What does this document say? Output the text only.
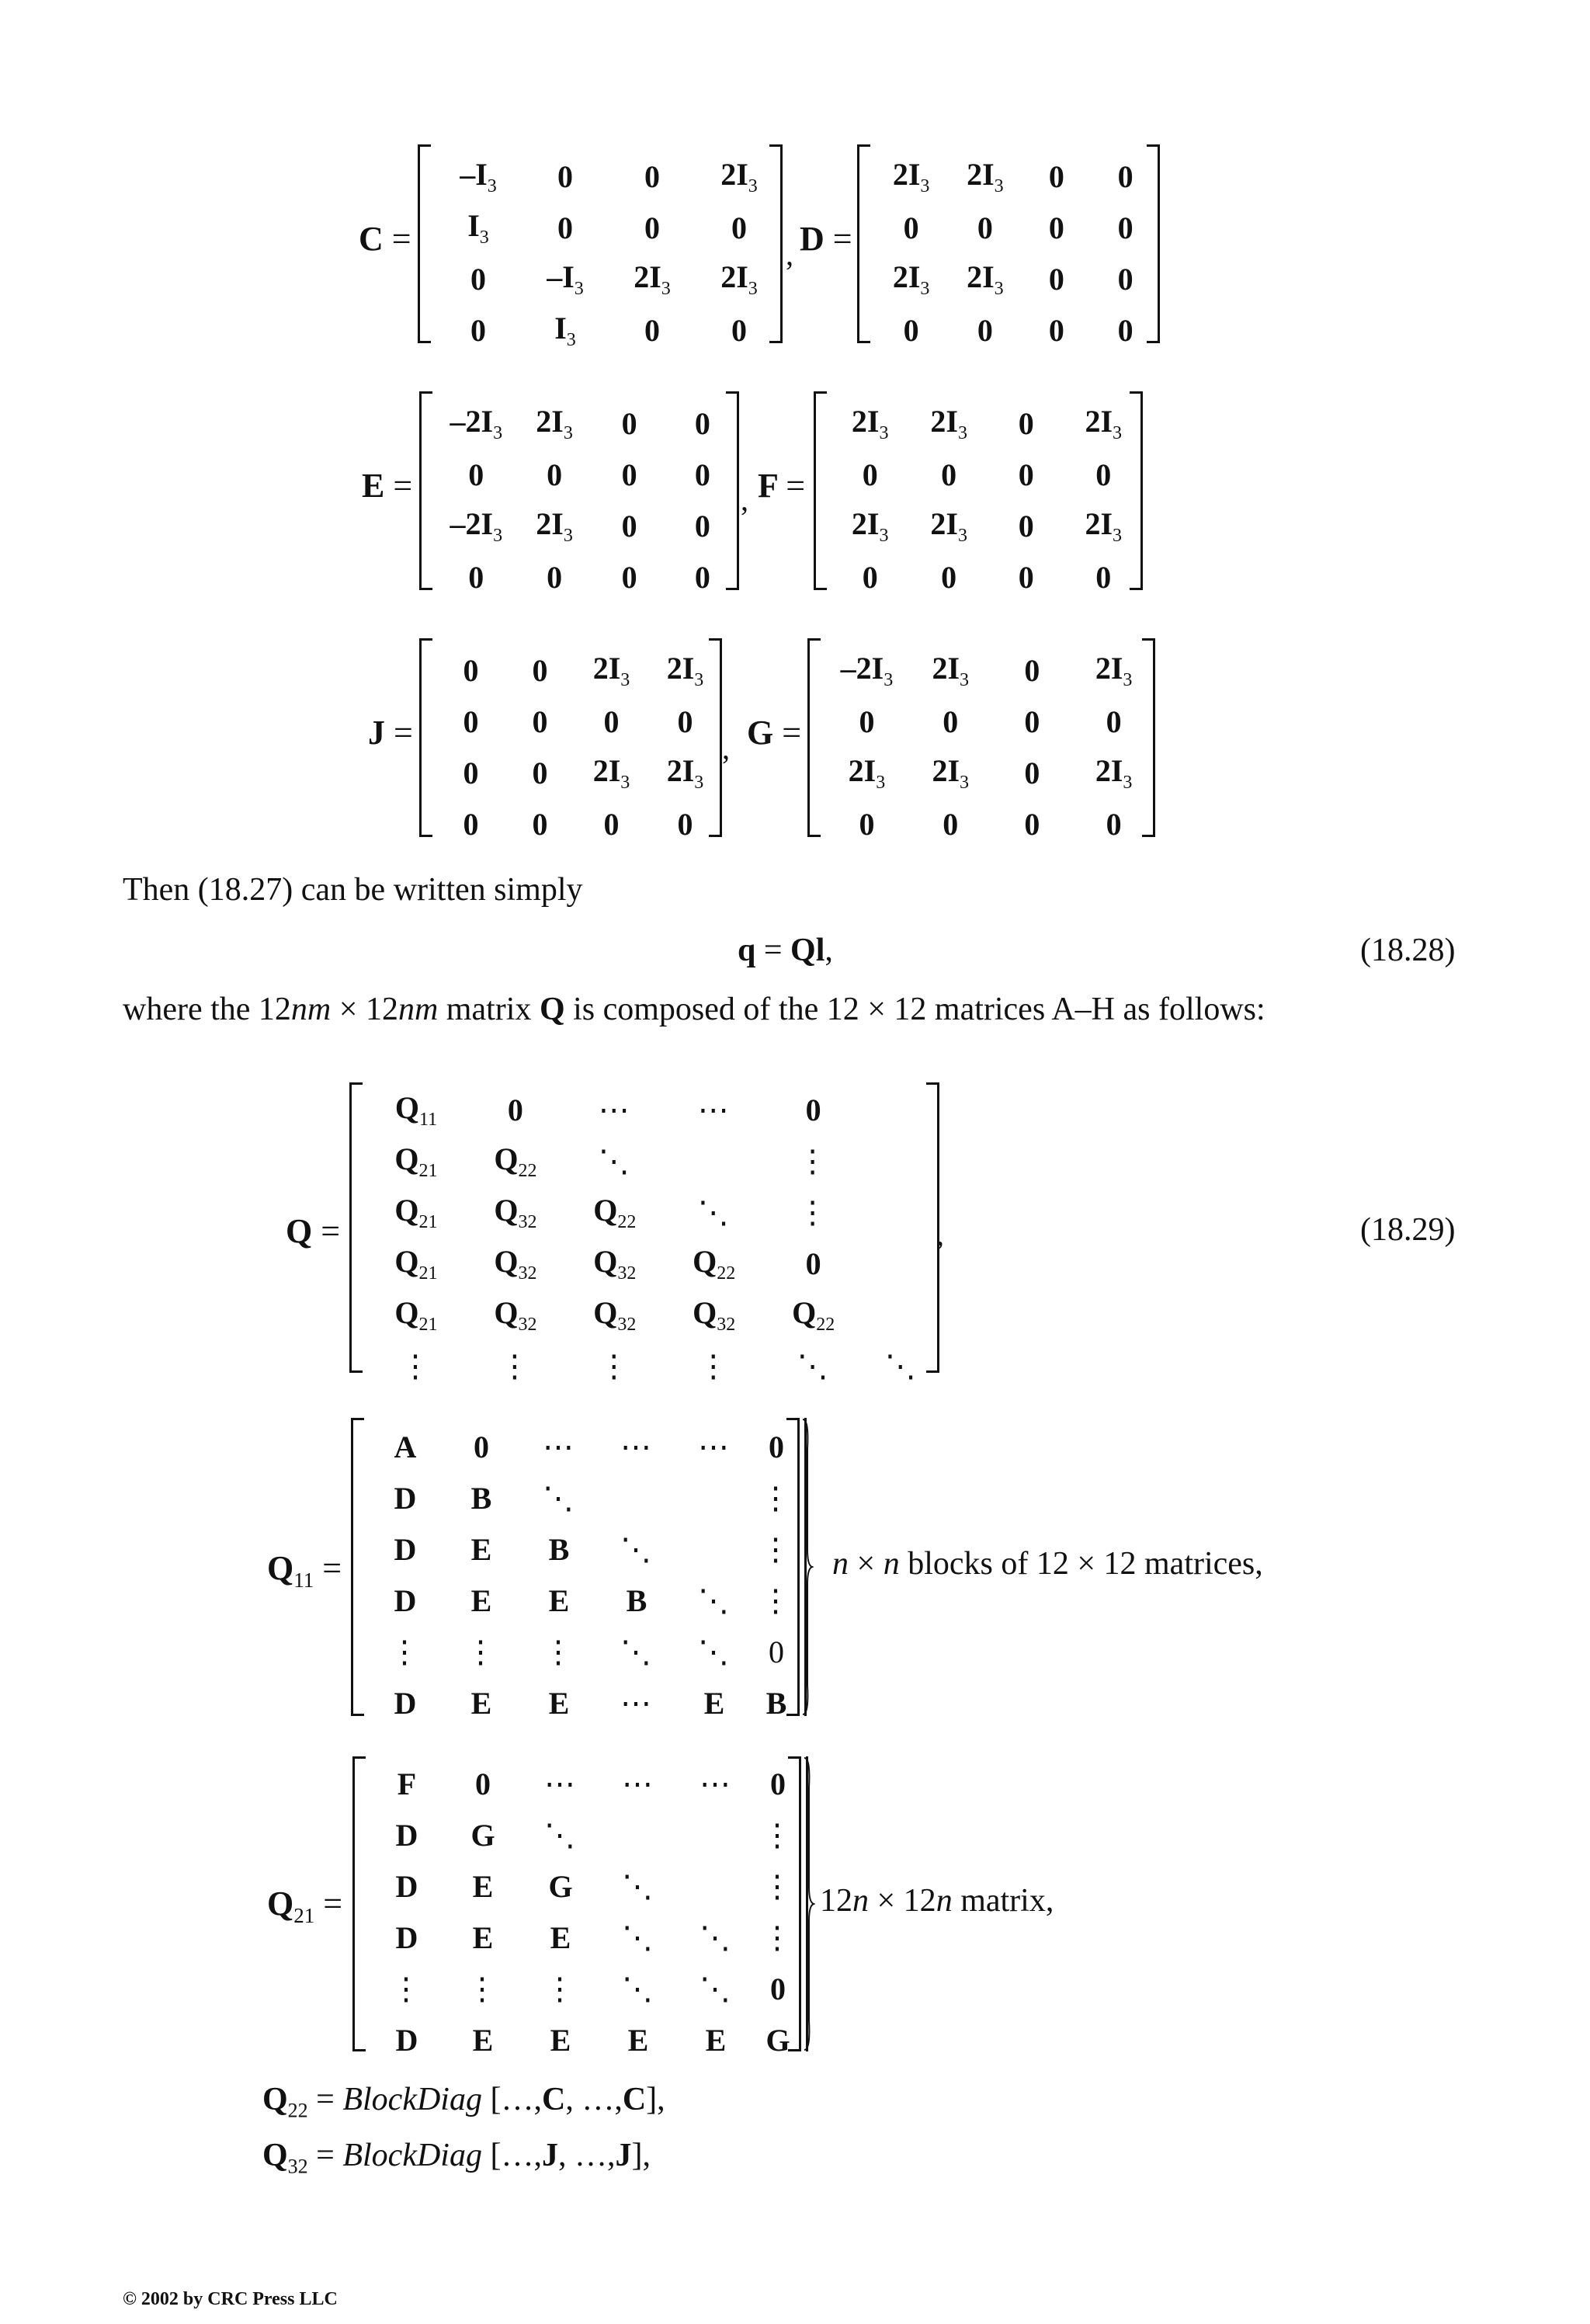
C =
$-I_3$	0	0	$2I_3$
$I_3$	0	0	0
0	$-I_3$	$2I_3$	$2I_3$
0	$I_3$	0	0
, D =
$2I_3$	$2I_3$	0	0
0	0	0	0
$2I_3$	$2I_3$	0	0
0	0	0	0
E =
$-2I_3$	$2I_3$	0	0
0	0	0	0
$-2I_3$	$2I_3$	0	0
0	0	0	0
, F =
$2I_3$	$2I_3$	0	$2I_3$
0	0	0	0
$2I_3$	$2I_3$	0	$2I_3$
0	0	0	0
J =
0	0	$2I_3$	$2I_3$
0	0	0	0
0	0	$2I_3$	$2I_3$
0	0	0	0
, G =
$-2I_3$	$2I_3$	0	$2I_3$
0	0	0	0
$2I_3$	$2I_3$	0	$2I_3$
0	0	0	0
Then (18.27) can be written simply
q = Ql,	(18.28)
where the 12nm × 12nm matrix Q is composed of the 12 × 12 matrices A–H as follows:
Q =
$Q_{11}$	0	⋯	⋯	0	
$Q_{21}$	$Q_{22}$	⋱		⋮	
$Q_{21}$	$Q_{32}$	$Q_{22}$	⋱	⋮	
$Q_{21}$	$Q_{32}$	$Q_{32}$	$Q_{22}$	0	
$Q_{21}$	$Q_{32}$	$Q_{32}$	$Q_{32}$	$Q_{22}$	
⋮	⋮	⋮	⋮	⋱	⋱
,	(18.29)
$Q_{11}$ =
A	0	⋯	⋯	⋯	0
D	B	⋱			⋮
D	E	B	⋱		⋮
D	E	E	B	⋱	⋮
⋮	⋮	⋮	⋱	⋱	0
D	E	E	⋯	E	B
n × n blocks of 12 × 12 matrices,
$Q_{21}$ =
F	0	⋯	⋯	⋯	0
D	G	⋱			⋮
D	E	G	⋱		⋮
D	E	E	⋱	⋱	⋮
⋮	⋮	⋮	⋱	⋱	0
D	E	E	E	E	G
12n × 12n matrix,
$Q_{22}$ = BlockDiag […,C, …,C],
$Q_{32}$ = BlockDiag […,J, …,J],
© 2002 by CRC Press LLC
